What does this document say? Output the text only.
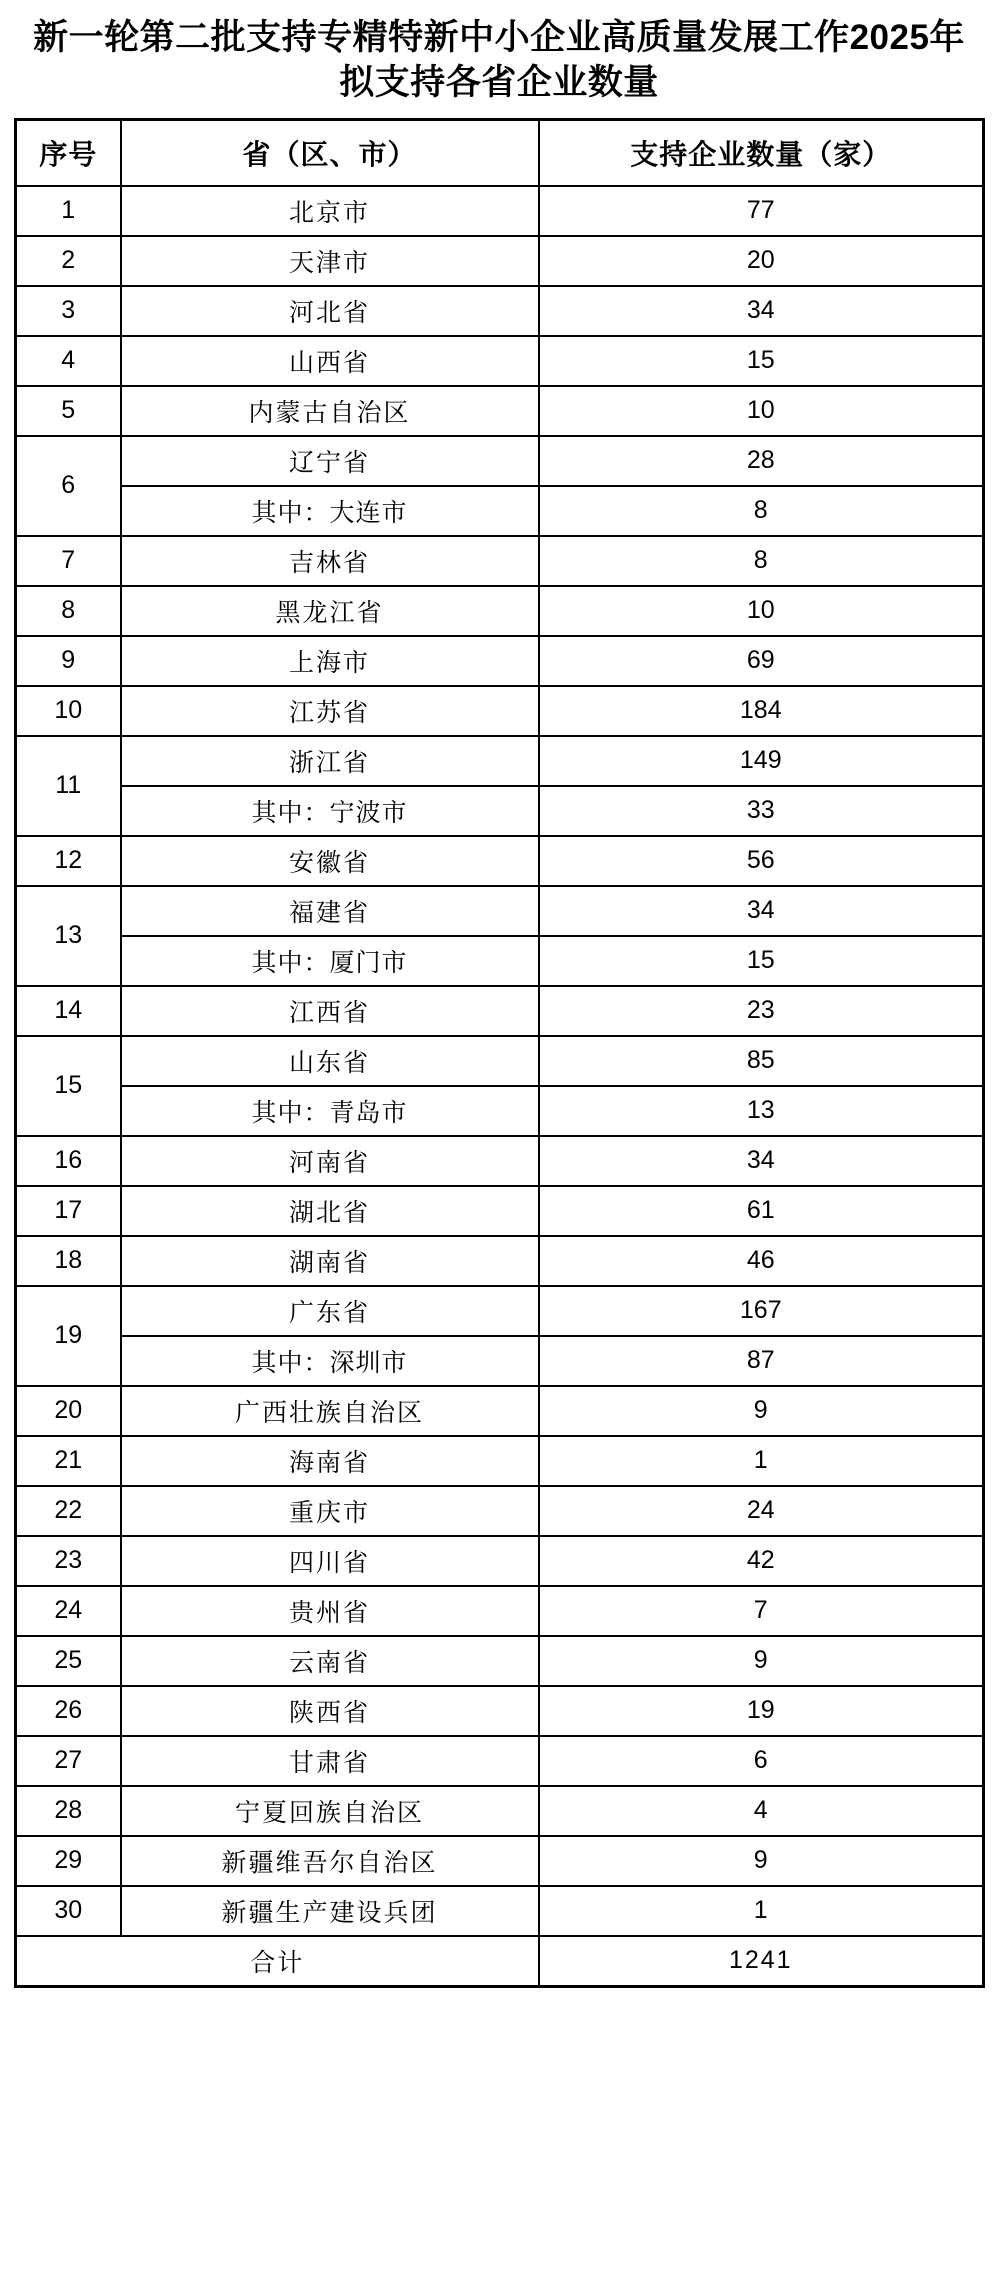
新一轮第二批支持专精特新中小企业高质量发展工作2025年拟支持各省企业数量
序号	省（区、市）	支持企业数量（家）
1	北京市	77
2	天津市	20
3	河北省	34
4	山西省	15
5	内蒙古自治区	10
6	辽宁省	28
	其中：大连市	8
7	吉林省	8
8	黑龙江省	10
9	上海市	69
10	江苏省	184
11	浙江省	149
	其中：宁波市	33
12	安徽省	56
13	福建省	34
	其中：厦门市	15
14	江西省	23
15	山东省	85
	其中：青岛市	13
16	河南省	34
17	湖北省	61
18	湖南省	46
19	广东省	167
	其中：深圳市	87
20	广西壮族自治区	9
21	海南省	1
22	重庆市	24
23	四川省	42
24	贵州省	7
25	云南省	9
26	陕西省	19
27	甘肃省	6
28	宁夏回族自治区	4
29	新疆维吾尔自治区	9
30	新疆生产建设兵团	1
合计		1241
